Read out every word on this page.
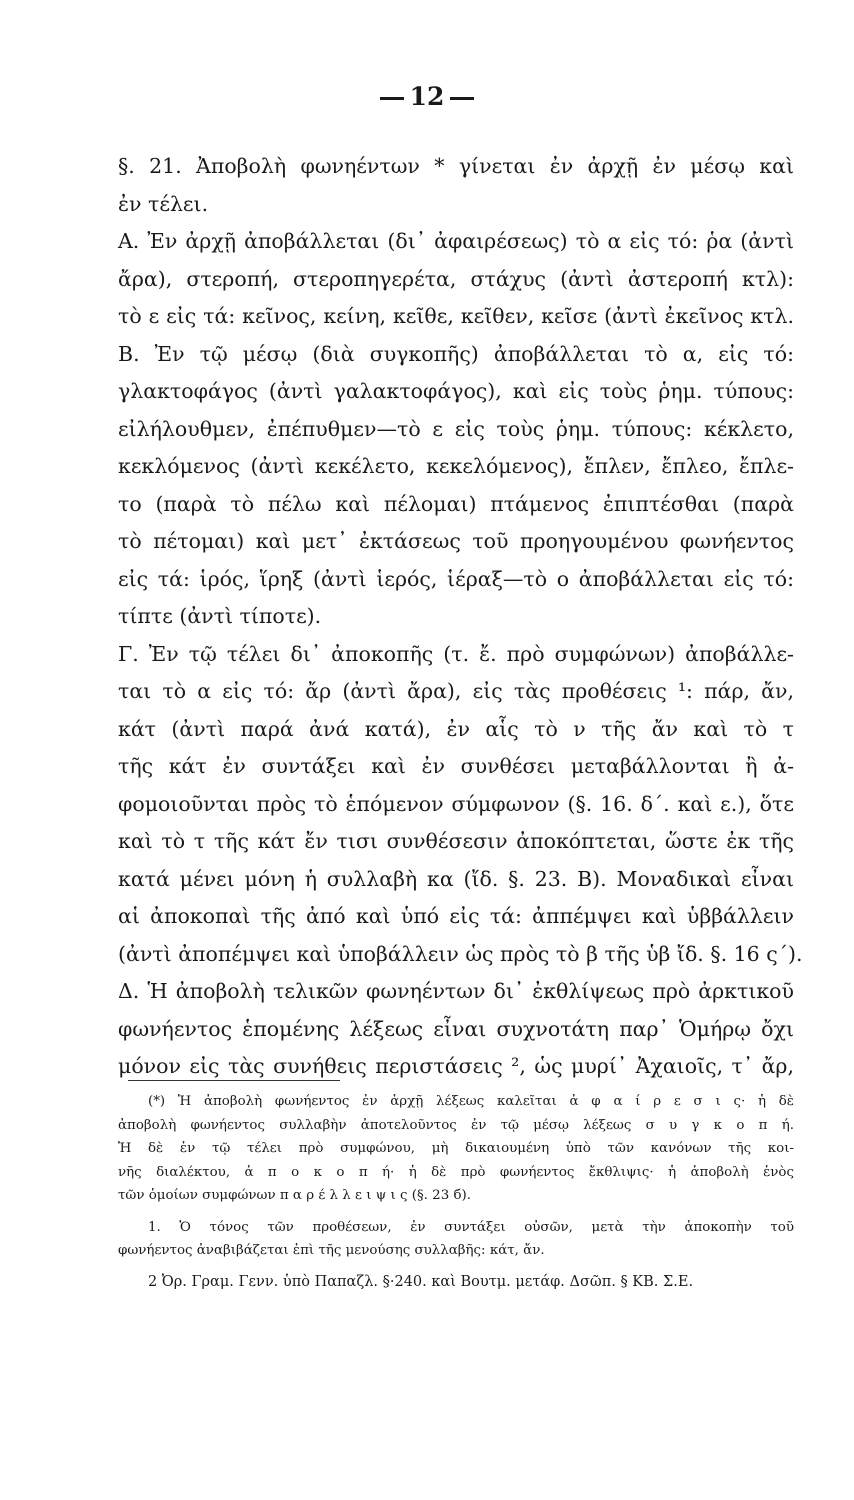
12
§. 21. Ἀποβολὴ φωνηέντων * γίνεται ἐν ἀρχῇ ἐν μέσῳ καὶ
ἐν τέλει.
Α. Ἐν ἀρχῇ ἀποβάλλεται (δι᾽ ἀφαιρέσεως) τὸ α εἰς τό: ῥα (ἀντὶ
ἄρα), στεροπή, στεροπηγερέτα, στάχυς (ἀντὶ ἀστεροπή κτλ):
τὸ ε εἰς τά: κεῖνος, κείνη, κεῖθε, κεῖθεν, κεῖσε (ἀντὶ ἐκεῖνος κτλ.
Β. Ἐν τῷ μέσῳ (διὰ συγκοπῆς) ἀποβάλλεται τὸ α, εἰς τό:
γλακτοφάγος (ἀντὶ γαλακτοφάγος), καὶ εἰς τοὺς ῥημ. τύπους:
εἰλήλουθμεν, ἐπέπυθμεν—τὸ ε εἰς τοὺς ῥημ. τύπους: κέκλετο,
κεκλόμενος (ἀντὶ κεκέλετο, κεκελόμενος), ἔπλεν, ἔπλεο, ἔπλε-
το (παρὰ τὸ πέλω καὶ πέλομαι) πτάμενος ἐπιπτέσθαι (παρὰ
τὸ πέτομαι) καὶ μετ᾽ ἐκτάσεως τοῦ προηγουμένου φωνήεντος
εἰς τά: ἱρός, ἵρηξ (ἀντὶ ἱερός, ἱέραξ—τὸ ο ἀποβάλλεται εἰς τό:
τίπτε (ἀντὶ τίποτε).
Γ. Ἐν τῷ τέλει δι᾽ ἀποκοπῆς (τ. ἔ. πρὸ συμφώνων) ἀποβάλλε-
ται τὸ α εἰς τό: ἄρ (ἀντὶ ἄρα), εἰς τὰς προθέσεις ¹: πάρ, ἄν,
κάτ (ἀντὶ παρά ἀνά κατά), ἐν αἷς τὸ ν τῆς ἄν καὶ τὸ τ
τῆς κάτ ἐν συντάξει καὶ ἐν συνθέσει μεταβάλλονται ἢ ἀ-
φομοιοῦνται πρὸς τὸ ἑπόμενον σύμφωνον (§. 16. δ΄. καὶ ε.), ὅτε
καὶ τὸ τ τῆς κάτ ἔν τισι συνθέσεσιν ἀποκόπτεται, ὥστε ἐκ τῆς
κατά μένει μόνη ἡ συλλαβὴ κα (ἴδ. §. 23. Β). Μοναδικαὶ εἶναι
αἱ ἀποκοπαὶ τῆς ἀπό καὶ ὑπό εἰς τά: ἀππέμψει καὶ ὑββάλλειν
(ἀντὶ ἀποπέμψει καὶ ὑποβάλλειν ὡς πρὸς τὸ β τῆς ὑβ ἴδ. §. 16 ς΄).
Δ. Ἡ ἀποβολὴ τελικῶν φωνηέντων δι᾽ ἐκθλίψεως πρὸ ἀρκτικοῦ
φωνήεντος ἑπομένης λέξεως εἶναι συχνοτάτη παρ᾽ Ὁμήρῳ ὄχι
μόνον εἰς τὰς συνήθεις περιστάσεις ², ὡς μυρί᾽ Ἀχαιοῖς, τ᾽ ἄρ,
(*) Ἡ ἀποβολὴ φωνήεντος ἐν ἀρχῇ λέξεως καλεῖται ἀ φ α ί ρ ε σ ι ς· ἡ δὲ
ἀποβολὴ φωνήεντος συλλαβὴν ἀποτελοῦντος ἐν τῷ μέσῳ λέξεως σ υ γ κ ο π ή.
Ἡ δὲ ἐν τῷ τέλει πρὸ συμφώνου, μὴ δικαιουμένη ὑπὸ τῶν κανόνων τῆς κοι-
νῆς διαλέκτου, ἀ π ο κ ο π ή· ἡ δὲ πρὸ φωνήεντος ἔκθλιψις· ἡ ἀποβολὴ ἑνὸς
τῶν ὁμοίων συμφώνων π α ρ έ λ λ ε ι ψ ι ς (§. 23 б).
1. Ὁ τόνος τῶν προθέσεων, ἐν συντάξει οὐσῶν, μετὰ τὴν ἀποκοπὴν τοῦ
φωνήεντος ἀναβιβάζεται ἐπὶ τῆς μενούσης συλλαβῆς: κάτ, ἄν.
2 Ὀρ. Γραμ. Γενν. ὑπὸ Παπαζλ. §·240. καὶ Βουτμ. μετάφ. Δσῶπ. § ΚΒ. Σ.Ε.
